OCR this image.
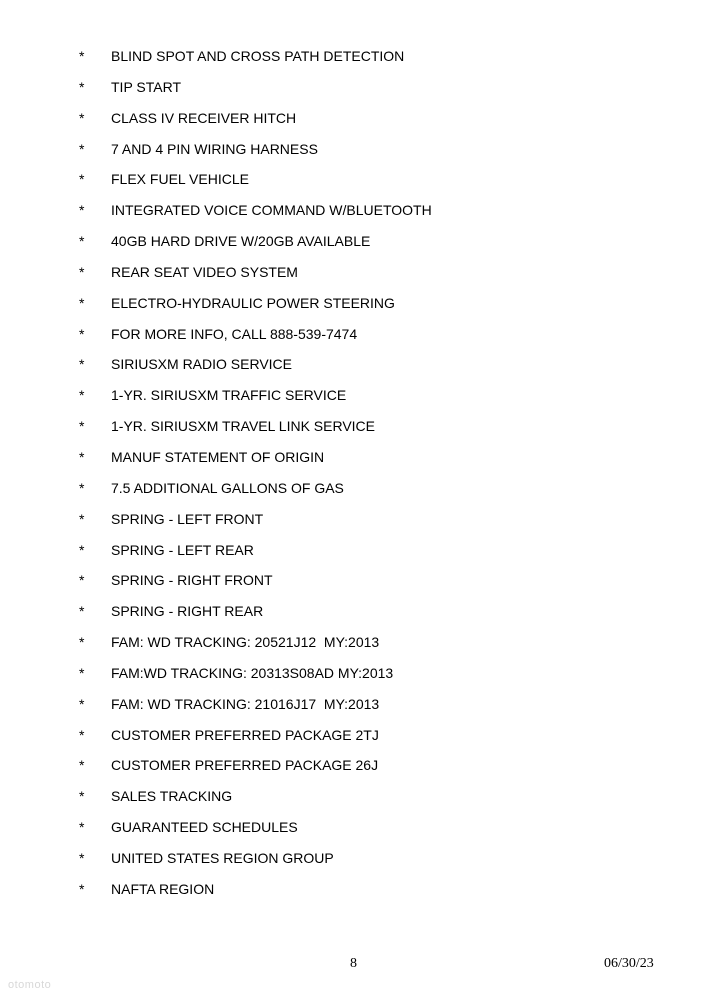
* BLIND SPOT AND CROSS PATH DETECTION
* TIP START
* CLASS IV RECEIVER HITCH
* 7 AND 4 PIN WIRING HARNESS
* FLEX FUEL VEHICLE
* INTEGRATED VOICE COMMAND W/BLUETOOTH
* 40GB HARD DRIVE W/20GB AVAILABLE
* REAR SEAT VIDEO SYSTEM
* ELECTRO-HYDRAULIC POWER STEERING
* FOR MORE INFO, CALL 888-539-7474
* SIRIUSXM RADIO SERVICE
* 1-YR. SIRIUSXM TRAFFIC SERVICE
* 1-YR. SIRIUSXM TRAVEL LINK SERVICE
* MANUF STATEMENT OF ORIGIN
* 7.5 ADDITIONAL GALLONS OF GAS
* SPRING - LEFT FRONT
* SPRING - LEFT REAR
* SPRING - RIGHT FRONT
* SPRING - RIGHT REAR
* FAM: WD TRACKING: 20521J12  MY:2013
* FAM:WD TRACKING: 20313S08AD MY:2013
* FAM: WD TRACKING: 21016J17  MY:2013
* CUSTOMER PREFERRED PACKAGE 2TJ
* CUSTOMER PREFERRED PACKAGE 26J
* SALES TRACKING
* GUARANTEED SCHEDULES
* UNITED STATES REGION GROUP
* NAFTA REGION
8	06/30/23
otomoto
